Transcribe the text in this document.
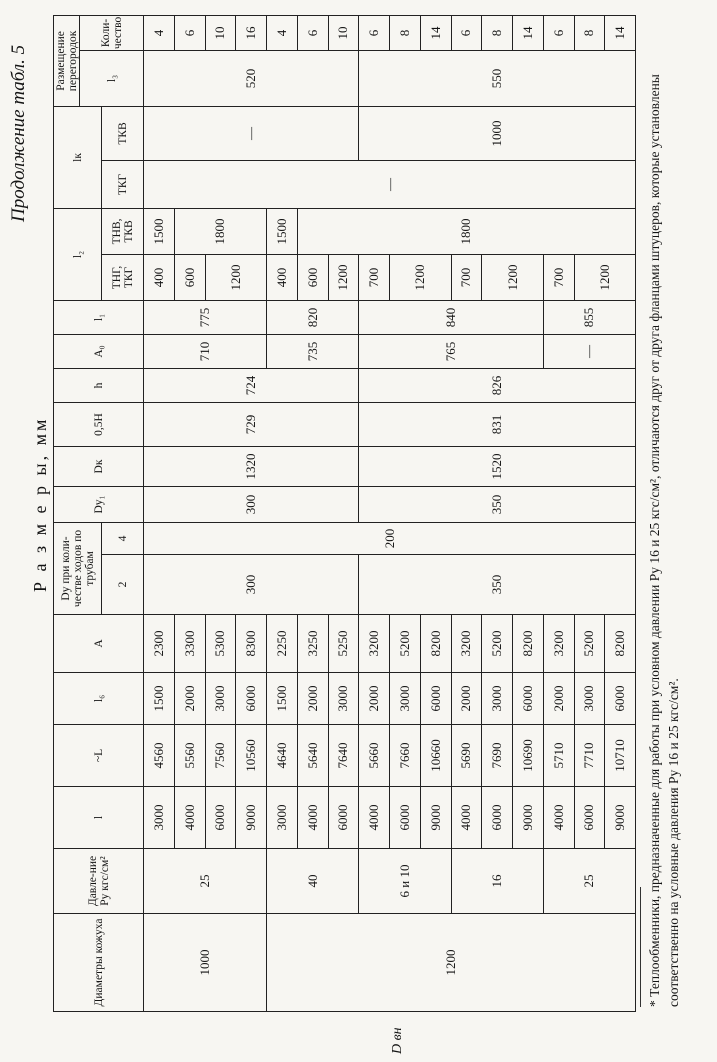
Продолжение табл. 5
Р а з м е р ы, мм
D вн
Диаметры кожуха	Давле-ние Pу кгс/см²	l	~L	l₆	A	Dу при коли-честве ходов по трубам		Dу₁	Dк	0,5H	h	A₀	l₁	l₂		lк		Размещение перегородок	
																		l₃	Коли-чество
						2	4							ТНГ, ТКГ	ТНВ, ТКВ	ТКГ	ТКВ		
1000	25	3000	4560	1500	2300	300	200	300	1320	729	724	710	775	400	1500	—	—	520	4
		4000	5560	2000	3300									600	1800				6
		6000	7560	3000	5300									1200					10
		9000	10560	6000	8300														16
1200	40	3000	4640	1500	2250							735	820	400	1500				4
		4000	5640	2000	3250									600	1800				6
		6000	7640	3000	5250									1200					10
	6 и 10	4000	5660	2000	3200	350		350	1520	831	826	765	840	700			1000	550	6
		6000	7660	3000	5200									1200					8
		9000	10660	6000	8200														14
	16	4000	5690	2000	3200									700					6
		6000	7690	3000	5200									1200					8
		9000	10690	6000	8200														14
	25	4000	5710	2000	3200							—	855	700					6
		6000	7710	3000	5200									1200					8
		9000	10710	6000	8200														14
* Теплообменники, предназначенные для работы при условном давлении Pу 16 и 25 кгс/см², отличаются друг от друга фланцами штуцеров, которые установлены соответственно на условные давления Pу 16 и 25 кгс/см².
